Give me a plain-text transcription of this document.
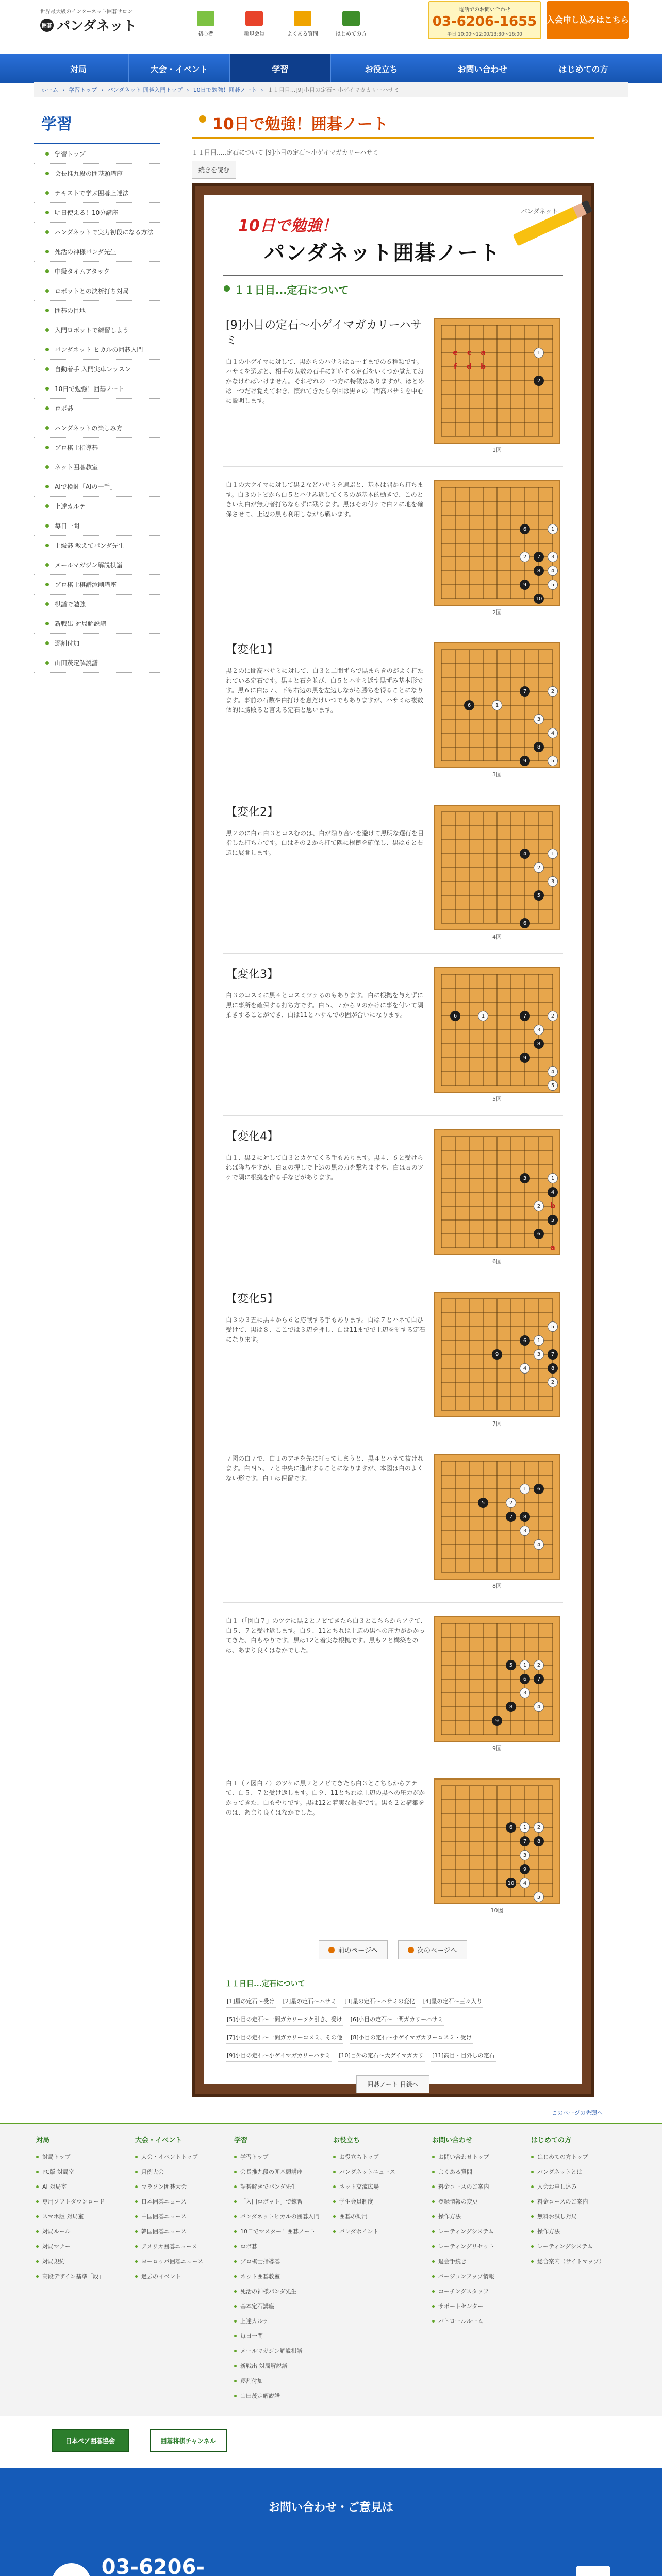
世界最大級のインターネット囲碁サロン
囲碁 パンダネット
初心者	新規会員	よくある質問	はじめての方
電話でのお問い合わせ
03-6206-1655
平日 10:00～12:00/13:30～16:00
入会申し込みはこちら
対局	大会・イベント	学習	お役立ち	お問い合わせ	はじめての方
ホーム › 学習トップ › パンダネット 囲碁入門トップ › 10日で勉強！囲碁ノート › １１目目...[9]小目の定石～小ゲイマガカリーハサミ
学習
学習トップ
会長推九段の囲基頭講座
テキストで学ぶ囲碁上達法
明日使える！10分講座
パンダネットで実力初段になる方法
死活の神様パンダ先生
中級タイムアタック
ロボットとの決析打ち対局
囲碁の目地
入門ロボットで練習しよう
パンダネット ヒカルの囲碁入門
自動着手 入門実車レッスン
10日で勉強！囲碁ノート
ロボ碁
パンダネットの楽しみ方
プロ棋士指導碁
ネット囲碁教室
AIで検討「AIの一手」
上達カルテ
毎日一問
上級碁 教えてパンダ先生
メールマガジン解説棋譜
プロ棋士棋譜添削講座
棋譜で勉強
新戦出 対局解説譜
逐割付加
山田茂定解説譜
10日で勉強！囲碁ノート
１１目目.....定石について [9]小目の定石～小ゲイマガカリーハサミ
続きを読む
10日で勉強！
パンダネット囲碁ノート
パンダネット
１１日目...定石について
[9]小目の定石～小ゲイマガカリーハサミ

白１の小ゲイマに対して、黒からのハサミはａ～ｆまでの６種類です。ハサミを選ぶと、相手の鬼数の石手に対応する定石をいくつか覚えておかなければいけません。それぞれの一つ方に特徴はありますが、ほとめは一つだけ覚えておき、慣れてきたら今回は黒ｅの二間高バサミを中心に説明します。

1
2
e c a
f d b
1図

白１の大ケイマに対して黒２などハサミを選ぶと、基本は隅から打ちます。白３のトビから白５とハサみ返してくるのが基本的動きで、このときいえ白が無力者打ちならずに残ります。黒はその付ケで白２に地を確保させて、上辺の黒も利用しながら戦います。

1
2	3
4
5
6
7
8
9
10
2図
【変化1】

黒２のに間高バサミに対して、白３と二間ずらで黒まらきのがよく打たれている定石です。黒４と石を並び、白５とハサミ返す黒ずみ基本形です。黒６に白は７、下も右辺の黒を左辺しながら勝ちを得ることになります。事前の石数や白打けを息だけいつでもありますが、ハサミは複数個的に勝敗ると言える定石と思います。

1
2
3
4
5
6
7
8
9
3図
【変化2】

黒２のに白ｃ白３とコスむのは、白が隙り合いを避けて黒明な選行を目指した打ち方です。白はその２から打て隅に根拠を確保し、黒は６と右辺に展開します。	1
2
3
4
5
6
4図
【変化3】

白３のコスミに黒４とコスミツケるのもあります。白に根拠を与えずに黒に事所を確保する打ち方です。白５、７から９のかけに事を付いて隅拍きすることができ、白は11とハサんでの固が合いになります。	1	2
3
4
5
6	7
8
9
5図
【変化4】

白１、黒２に対して白３とカケてくる手もあります。黒４、６と受けられば降ちやすが、白ａの押しで上辺の黒の力を撃ちますや、白はａのツケで隅に根拠を作る手などがあります。	1
2
3
4
5
6
b
a
6図
【変化5】

白３の３五に黒４から６と応戦する手もあります。白は７とハネて白ひ受けて、黒は８、ここでは３辺を押し、白は11までで上辺を制する定石になります。	1
2
3
4
5
6
7
8
9
7図

７図の白７で、白１のアキを先に打ってしまうと、黒４とハネて抜けれます。白四５、７と中央に進出することになりますが、本図は白のよくない形です。白１は保留です。

1
2
3
4
5
6
7	8
8図

白１（「図白７」のツケに黒２とノビてきたら白３とこちらからアテて、白５、７と受け返します。白９、11とちれは上辺の黒への圧力がかかってきた、白もやりです。黒は12と着実な根拠です。黒も２と構築をのは、あまり良くはなかでした。

1	2
3
4
5
6	7
8
9
9図

白１（７図白７）のツケに黒２とノビてきたら白３とこちらからアテて、白５、７と受け返します。白９、11とちれは上辺の黒への圧力がかかってきた、白もやりです。黒は12と着実な根拠です。黒も２と構築をのは、あまり良くはなかでした。

1	2
3
4
5
6
7	8
9
10
10図
前のページへ	次のページへ
１１日目...定石について
[1]星の定石～受け [2]星の定石～ハサミ [3]星の定石～ハサミの変化 [4]星の定石～三々入り
[5]小目の定石～一間ガカリーツケ引き、受け [6]小目の定石～一間ガカリーハサミ
[7]小目の定石～一間ガカリーコスミ、その他 [8]小目の定石～小ゲイマガカリーコスミ・受け
[9]小目の定石～小ゲイマガカリーハサミ [10]目外の定石～大ゲイマガカリ [11]高目・目外しの定石
囲碁ノート 目録へ
このページの先頭へ
対局
対局トップ
PC版 対局室
AI 対局室
専用ソフトダウンロード
スマホ版 対局室
対局ルール
対局マナー
対局規約
高段デザイン基準「段」
大会・イベント
大会・イベントトップ
月例大会
マラソン囲碁大会
日本囲碁ニュース
中国囲碁ニュース
韓国囲碁ニュース
アメリカ囲碁ニュース
ヨーロッパ囲碁ニュース
過去のイベント
学習
学習トップ
会長推九段の囲基頭講座
詰碁解きでパンダ先生
「入門ロボット」で練習
パンダネットヒカルの囲碁入門
10日でマスター！囲碁ノート
ロボ碁
プロ棋士指導碁
ネット囲碁教室
死活の神様パンダ先生
基本定石講座
上達カルテ
毎日一問
メールマガジン解説棋譜
新戦出 対局解説譜
逐割付加
山田茂定解説譜
お役立ち
お役立ちトップ
パンダネットニュース
ネット交流広場
学生会員制度
囲碁の効用
パンダポイント
お問い合わせ
お問い合わせトップ
よくある質問
料金コースのご案内
登録情報の変更
操作方法
レーティングシステム
レーティングリセット
退会手続き
バージョンアップ情報
コーチングスタッフ
サポートセンター
パトロールルーム
はじめての方
はじめての方トップ
パンダネットとは
入会お申し込み
料金コースのご案内
無料お試し対局
操作方法
レーティングシステム
総合案内（サイトマップ）
日本ペア囲碁協会	囲碁将棋チャンネル
お問い合わせ・ご意見は
03-6206-
